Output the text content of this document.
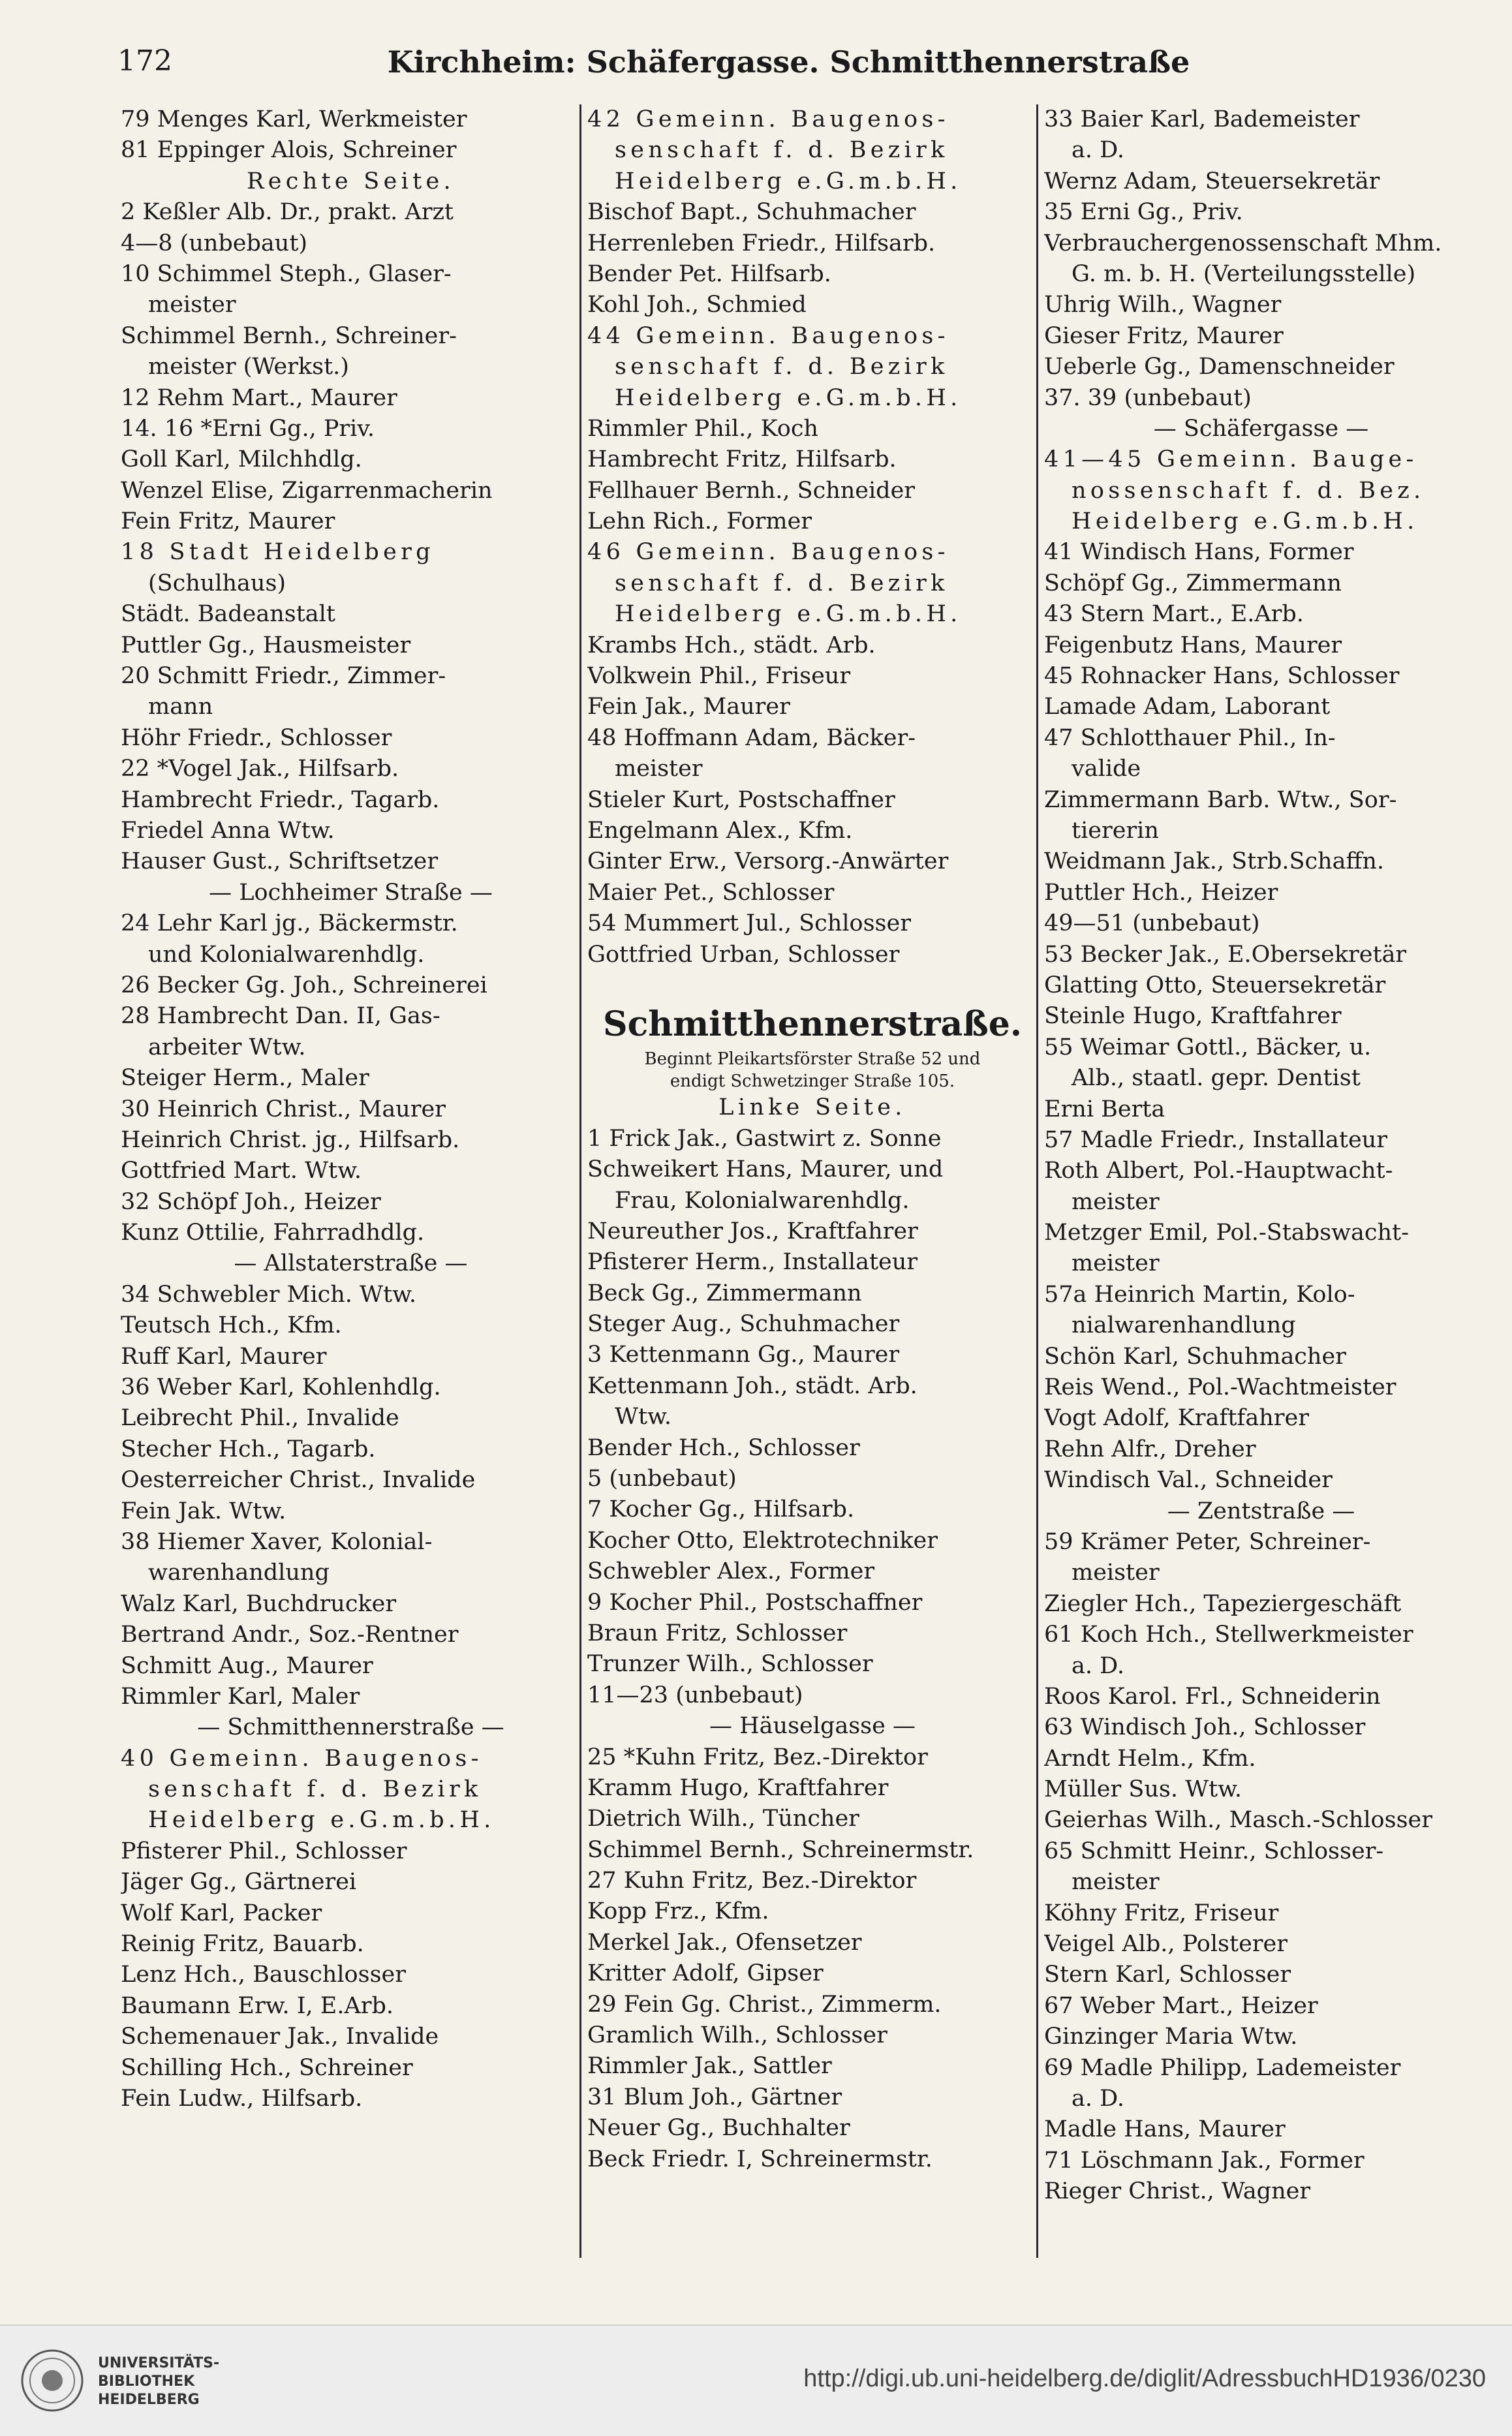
172	Kirchheim: Schäfergasse. Schmitthennerstraße
79 Menges Karl, Werkmeister
81 Eppinger Alois, Schreiner
Rechte Seite.
2 Keßler Alb. Dr., prakt. Arzt
4—8 (unbebaut)
10 Schimmel Steph., Glaser-
meister
Schimmel Bernh., Schreiner-
meister (Werkst.)
12 Rehm Mart., Maurer
14. 16 *Erni Gg., Priv.
Goll Karl, Milchhdlg.
Wenzel Elise, Zigarrenmacherin
Fein Fritz, Maurer
18 Stadt Heidelberg
(Schulhaus)
Städt. Badeanstalt
Puttler Gg., Hausmeister
20 Schmitt Friedr., Zimmer-
mann
Höhr Friedr., Schlosser
22 *Vogel Jak., Hilfsarb.
Hambrecht Friedr., Tagarb.
Friedel Anna Wtw.
Hauser Gust., Schriftsetzer
— Lochheimer Straße —
24 Lehr Karl jg., Bäckermstr.
und Kolonialwarenhdlg.
26 Becker Gg. Joh., Schreinerei
28 Hambrecht Dan. II, Gas-
arbeiter Wtw.
Steiger Herm., Maler
30 Heinrich Christ., Maurer
Heinrich Christ. jg., Hilfsarb.
Gottfried Mart. Wtw.
32 Schöpf Joh., Heizer
Kunz Ottilie, Fahrradhdlg.
— Allstaterstraße —
34 Schwebler Mich. Wtw.
Teutsch Hch., Kfm.
Ruff Karl, Maurer
36 Weber Karl, Kohlenhdlg.
Leibrecht Phil., Invalide
Stecher Hch., Tagarb.
Oesterreicher Christ., Invalide
Fein Jak. Wtw.
38 Hiemer Xaver, Kolonial-
warenhandlung
Walz Karl, Buchdrucker
Bertrand Andr., Soz.-Rentner
Schmitt Aug., Maurer
Rimmler Karl, Maler
— Schmitthennerstraße —
40 Gemeinn. Baugenos-
senschaft f. d. Bezirk
Heidelberg e.G.m.b.H.
Pfisterer Phil., Schlosser
Jäger Gg., Gärtnerei
Wolf Karl, Packer
Reinig Fritz, Bauarb.
Lenz Hch., Bauschlosser
Baumann Erw. I, E.Arb.
Schemenauer Jak., Invalide
Schilling Hch., Schreiner
Fein Ludw., Hilfsarb.
42 Gemeinn. Baugenos-
senschaft f. d. Bezirk
Heidelberg e.G.m.b.H.
Bischof Bapt., Schuhmacher
Herrenleben Friedr., Hilfsarb.
Bender Pet. Hilfsarb.
Kohl Joh., Schmied
44 Gemeinn. Baugenos-
senschaft f. d. Bezirk
Heidelberg e.G.m.b.H.
Rimmler Phil., Koch
Hambrecht Fritz, Hilfsarb.
Fellhauer Bernh., Schneider
Lehn Rich., Former
46 Gemeinn. Baugenos-
senschaft f. d. Bezirk
Heidelberg e.G.m.b.H.
Krambs Hch., städt. Arb.
Volkwein Phil., Friseur
Fein Jak., Maurer
48 Hoffmann Adam, Bäcker-
meister
Stieler Kurt, Postschaffner
Engelmann Alex., Kfm.
Ginter Erw., Versorg.-Anwärter
Maier Pet., Schlosser
54 Mummert Jul., Schlosser
Gottfried Urban, Schlosser
Schmitthennerstraße.
Beginnt Pleikartsförster Straße 52 und
endigt Schwetzinger Straße 105.
Linke Seite.
1 Frick Jak., Gastwirt z. Sonne
Schweikert Hans, Maurer, und
Frau, Kolonialwarenhdlg.
Neureuther Jos., Kraftfahrer
Pfisterer Herm., Installateur
Beck Gg., Zimmermann
Steger Aug., Schuhmacher
3 Kettenmann Gg., Maurer
Kettenmann Joh., städt. Arb.
Wtw.
Bender Hch., Schlosser
5 (unbebaut)
7 Kocher Gg., Hilfsarb.
Kocher Otto, Elektrotechniker
Schwebler Alex., Former
9 Kocher Phil., Postschaffner
Braun Fritz, Schlosser
Trunzer Wilh., Schlosser
11—23 (unbebaut)
— Häuselgasse —
25 *Kuhn Fritz, Bez.-Direktor
Kramm Hugo, Kraftfahrer
Dietrich Wilh., Tüncher
Schimmel Bernh., Schreinermstr.
27 Kuhn Fritz, Bez.-Direktor
Kopp Frz., Kfm.
Merkel Jak., Ofensetzer
Kritter Adolf, Gipser
29 Fein Gg. Christ., Zimmerm.
Gramlich Wilh., Schlosser
Rimmler Jak., Sattler
31 Blum Joh., Gärtner
Neuer Gg., Buchhalter
Beck Friedr. I, Schreinermstr.
33 Baier Karl, Bademeister
a. D.
Wernz Adam, Steuersekretär
35 Erni Gg., Priv.
Verbrauchergenossenschaft Mhm.
G. m. b. H. (Verteilungsstelle)
Uhrig Wilh., Wagner
Gieser Fritz, Maurer
Ueberle Gg., Damenschneider
37. 39 (unbebaut)
— Schäfergasse —
41—45 Gemeinn. Bauge-
nossenschaft f. d. Bez.
Heidelberg e.G.m.b.H.
41 Windisch Hans, Former
Schöpf Gg., Zimmermann
43 Stern Mart., E.Arb.
Feigenbutz Hans, Maurer
45 Rohnacker Hans, Schlosser
Lamade Adam, Laborant
47 Schlotthauer Phil., In-
valide
Zimmermann Barb. Wtw., Sor-
tiererin
Weidmann Jak., Strb.Schaffn.
Puttler Hch., Heizer
49—51 (unbebaut)
53 Becker Jak., E.Obersekretär
Glatting Otto, Steuersekretär
Steinle Hugo, Kraftfahrer
55 Weimar Gottl., Bäcker, u.
Alb., staatl. gepr. Dentist
Erni Berta
57 Madle Friedr., Installateur
Roth Albert, Pol.-Hauptwacht-
meister
Metzger Emil, Pol.-Stabswacht-
meister
57a Heinrich Martin, Kolo-
nialwarenhandlung
Schön Karl, Schuhmacher
Reis Wend., Pol.-Wachtmeister
Vogt Adolf, Kraftfahrer
Rehn Alfr., Dreher
Windisch Val., Schneider
— Zentstraße —
59 Krämer Peter, Schreiner-
meister
Ziegler Hch., Tapeziergeschäft
61 Koch Hch., Stellwerkmeister
a. D.
Roos Karol. Frl., Schneiderin
63 Windisch Joh., Schlosser
Arndt Helm., Kfm.
Müller Sus. Wtw.
Geierhas Wilh., Masch.-Schlosser
65 Schmitt Heinr., Schlosser-
meister
Köhny Fritz, Friseur
Veigel Alb., Polsterer
Stern Karl, Schlosser
67 Weber Mart., Heizer
Ginzinger Maria Wtw.
69 Madle Philipp, Lademeister
a. D.
Madle Hans, Maurer
71 Löschmann Jak., Former
Rieger Christ., Wagner
UNIVERSITÄTS-
BIBLIOTHEK
HEIDELBERG
http://digi.ub.uni-heidelberg.de/diglit/AdressbuchHD1936/0230
